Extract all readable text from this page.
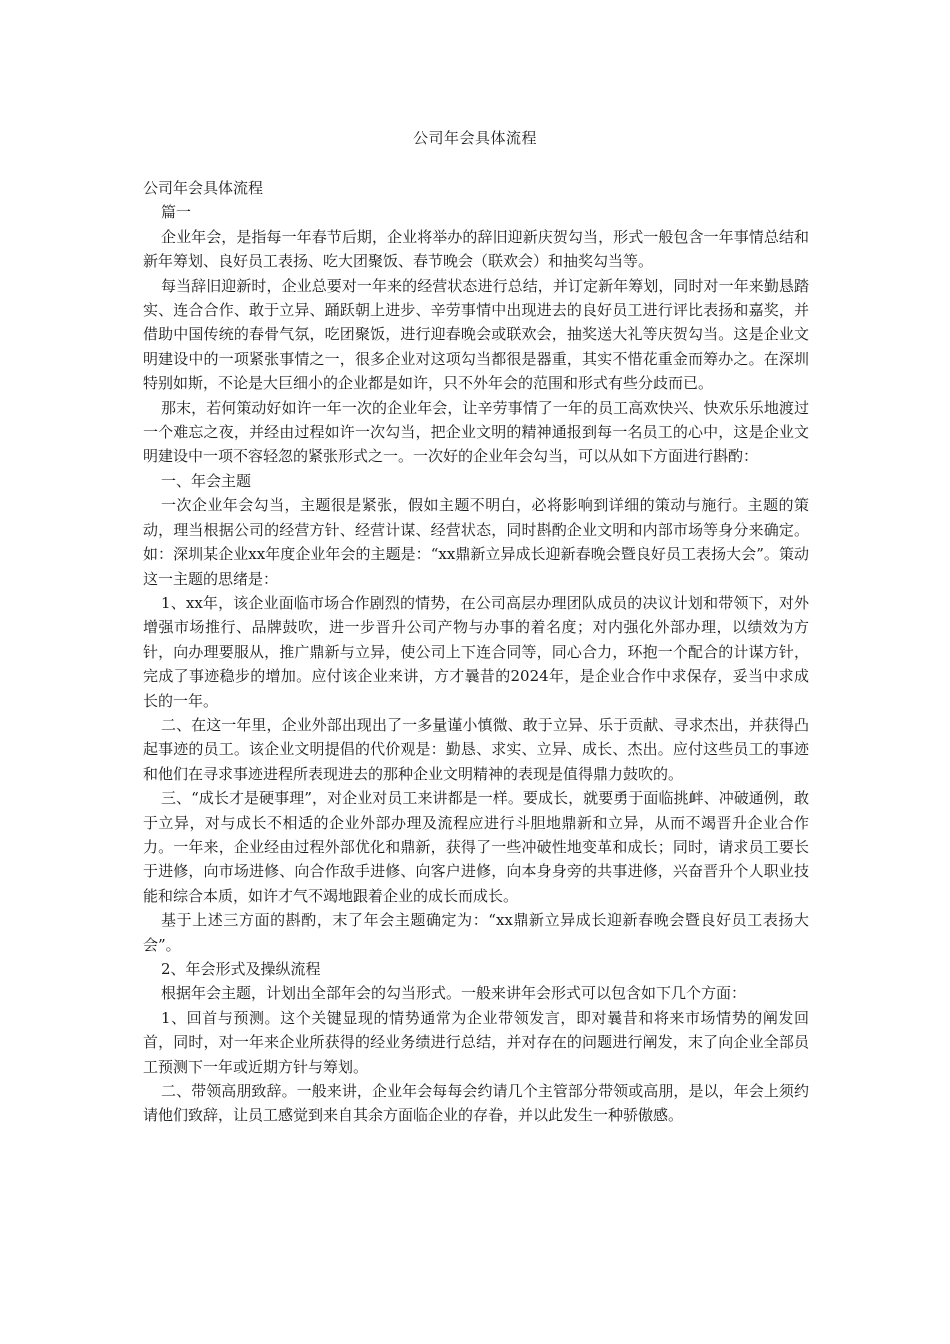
公司年会具体流程

公司年会具体流程

篇一

企业年会，是指每一年春节后期，企业将举办的辞旧迎新庆贺勾当，形式一般包含一年事情总结和新年筹划、良好员工表扬、吃大团聚饭、春节晚会（联欢会）和抽奖勾当等。

每当辞旧迎新时，企业总要对一年来的经营状态进行总结，并订定新年筹划，同时对一年来勤恳踏实、连合合作、敢于立异、踊跃朝上进步、辛劳事情中出现进去的良好员工进行评比表扬和嘉奖，并借助中国传统的春骨气氛，吃团聚饭，进行迎春晚会或联欢会，抽奖送大礼等庆贺勾当。这是企业文明建设中的一项紧张事情之一，很多企业对这项勾当都很是器重，其实不惜花重金而筹办之。在深圳特别如斯，不论是大巨细小的企业都是如许，只不外年会的范围和形式有些分歧而已。

那末，若何策动好如许一年一次的企业年会，让辛劳事情了一年的员工高欢快兴、快欢乐乐地渡过一个难忘之夜，并经由过程如许一次勾当，把企业文明的精神通报到每一名员工的心中，这是企业文明建设中一项不容轻忽的紧张形式之一。一次好的企业年会勾当，可以从如下方面进行斟酌：

一、年会主题

一次企业年会勾当，主题很是紧张，假如主题不明白，必将影响到详细的策动与施行。主题的策动，理当根据公司的经营方针、经营计谋、经营状态，同时斟酌企业文明和内部市场等身分来确定。如：深圳某企业xx年度企业年会的主题是：“xx鼎新立异成长迎新春晚会暨良好员工表扬大会”。策动这一主题的思绪是：

1、xx年，该企业面临市场合作剧烈的情势，在公司高层办理团队成员的决议计划和带领下，对外增强市场推行、品牌鼓吹，进一步晋升公司产物与办事的着名度；对内强化外部办理，以绩效为方针，向办理要服从，推广鼎新与立异，使公司上下连合同等，同心合力，环抱一个配合的计谋方针，完成了事迹稳步的增加。应付该企业来讲，方才曩昔的2024年，是企业合作中求保存，妥当中求成长的一年。

二、在这一年里，企业外部出现出了一多量谨小慎微、敢于立异、乐于贡献、寻求杰出，并获得凸起事迹的员工。该企业文明提倡的代价观是：勤恳、求实、立异、成长、杰出。应付这些员工的事迹和他们在寻求事迹进程所表现进去的那种企业文明精神的表现是值得鼎力鼓吹的。

三、“成长才是硬事理”，对企业对员工来讲都是一样。要成长，就要勇于面临挑衅、冲破通例，敢于立异，对与成长不相适的企业外部办理及流程应进行斗胆地鼎新和立异，从而不竭晋升企业合作力。一年来，企业经由过程外部优化和鼎新，获得了一些冲破性地变革和成长；同时，请求员工要长于进修，向市场进修、向合作敌手进修、向客户进修，向本身身旁的共事进修，兴奋晋升个人职业技能和综合本质，如许才气不竭地跟着企业的成长而成长。

基于上述三方面的斟酌，末了年会主题确定为：“xx鼎新立异成长迎新春晚会暨良好员工表扬大会”。

2、年会形式及操纵流程

根据年会主题，计划出全部年会的勾当形式。一般来讲年会形式可以包含如下几个方面：

1、回首与预测。这个关键显现的情势通常为企业带领发言，即对曩昔和将来市场情势的阐发回首，同时，对一年来企业所获得的经业务绩进行总结，并对存在的问题进行阐发，末了向企业全部员工预测下一年或近期方针与筹划。

二、带领高朋致辞。一般来讲，企业年会每每会约请几个主管部分带领或高朋，是以，年会上须约请他们致辞，让员工感觉到来自其余方面临企业的存眷，并以此发生一种骄傲感。
